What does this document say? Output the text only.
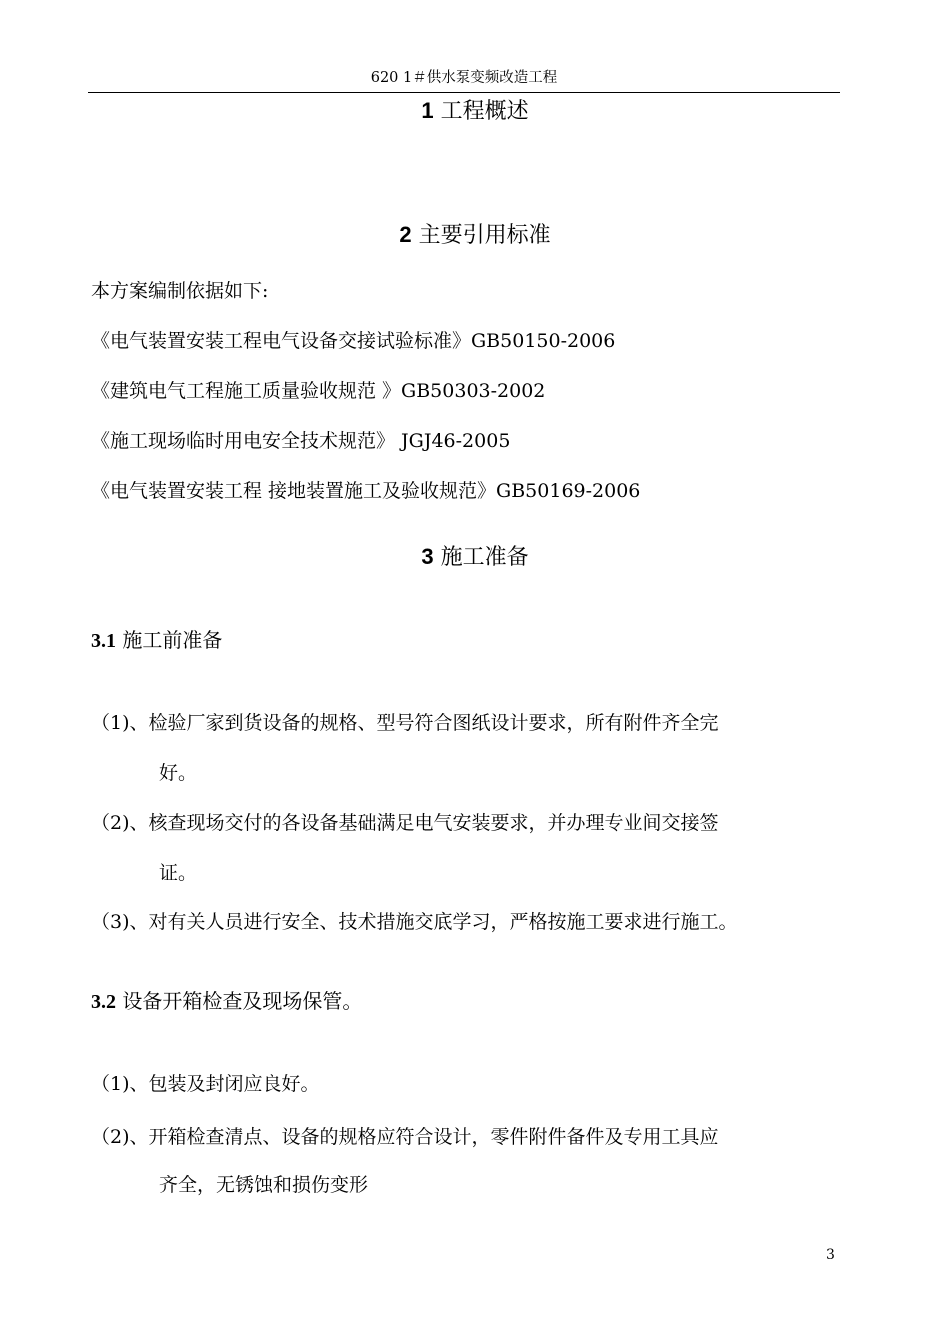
620 1＃供水泵变频改造工程
1 工程概述
2 主要引用标准
本方案编制依据如下:
《电气装置安装工程电气设备交接试验标准》GB50150-2006
《建筑电气工程施工质量验收规范 》GB50303-2002
《施工现场临时用电安全技术规范》 JGJ46-2005
《电气装置安装工程 接地装置施工及验收规范》GB50169-2006
3 施工准备
3.1 施工前准备
（1)、检验厂家到货设备的规格、型号符合图纸设计要求，所有附件齐全完
好。
（2)、核查现场交付的各设备基础满足电气安装要求，并办理专业间交接签
证。
（3)、对有关人员进行安全、技术措施交底学习，严格按施工要求进行施工。
3.2 设备开箱检查及现场保管。
（1)、包装及封闭应良好。
（2)、开箱检查清点、设备的规格应符合设计，零件附件备件及专用工具应
齐全，无锈蚀和损伤变形
3
